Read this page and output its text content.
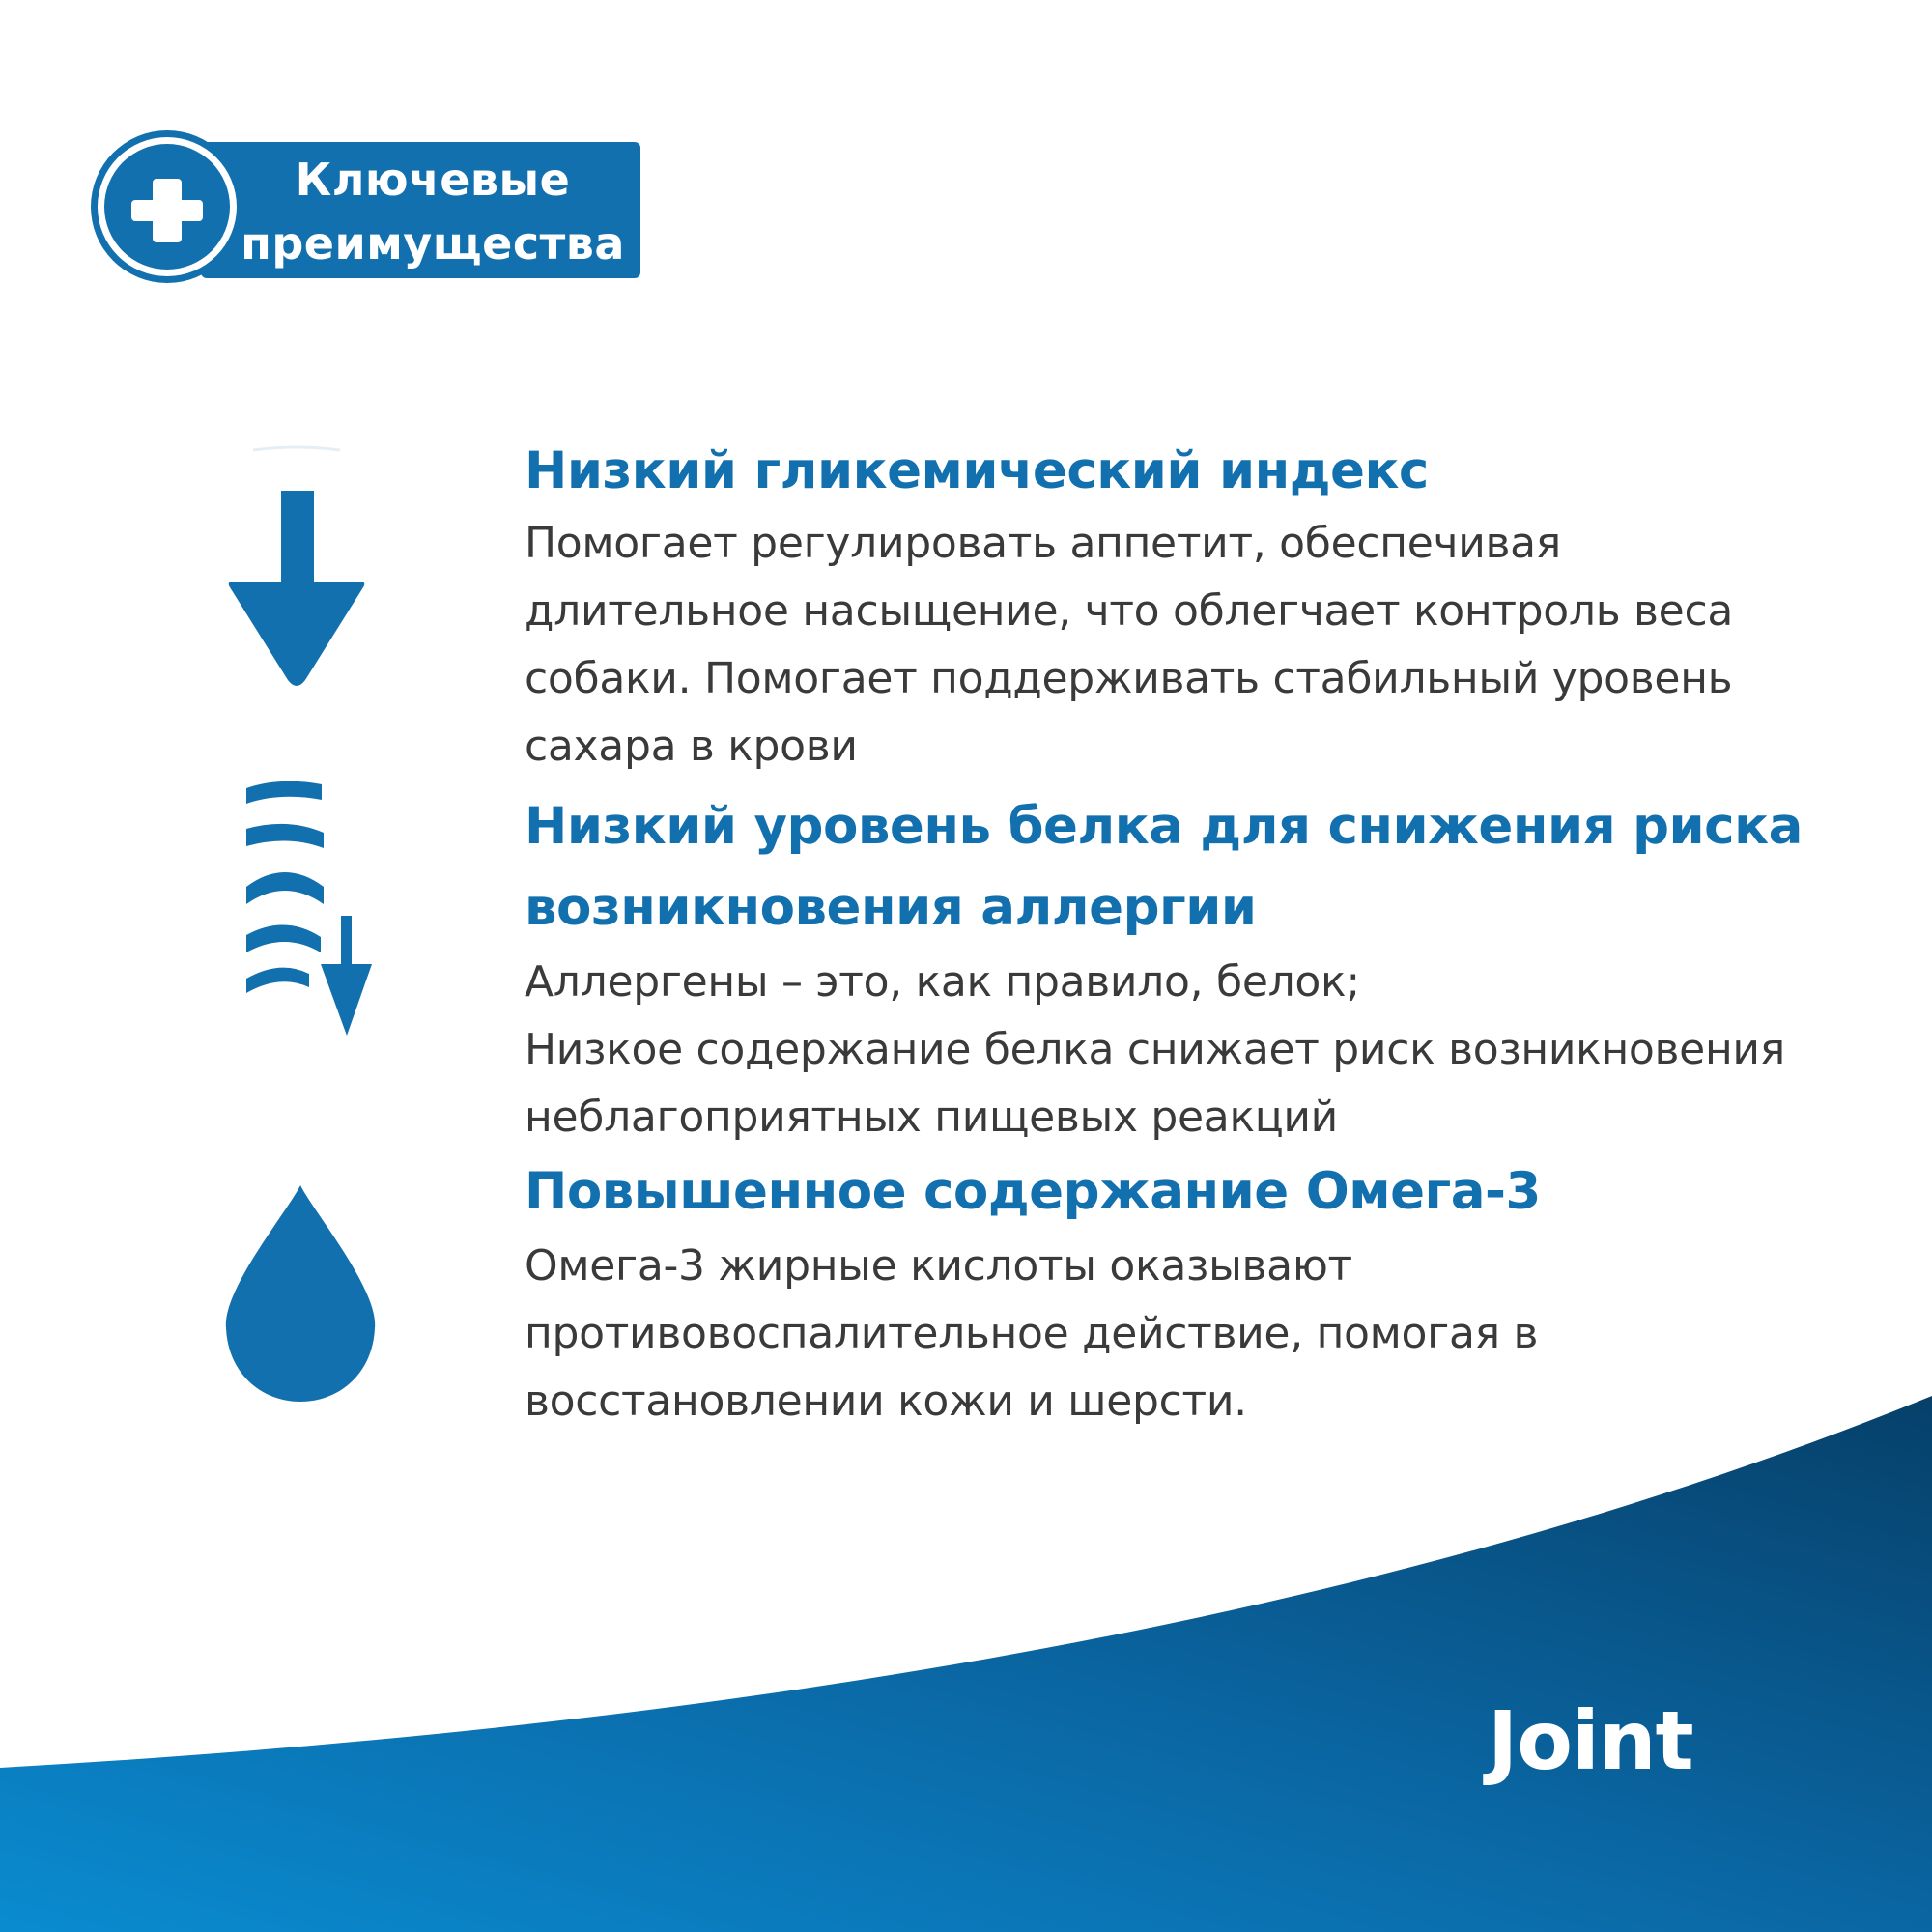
Ключевые
преимущества
Низкий гликемический индекс

Помогает регулировать аппетит, обеспечивая
длительное насыщение, что облегчает контроль веса
собаки. Помогает поддерживать стабильный уровень
сахара в крови

Низкий уровень белка для снижения риска возникновения аллергии

Аллергены – это, как правило, белок;
Низкое содержание белка снижает риск возникновения
неблагоприятных пищевых реакций

Повышенное содержание Омега-3

Омега-3 жирные кислоты оказывают
противовоспалительное действие, помогая в
восстановлении кожи и шерсти.

Joint
